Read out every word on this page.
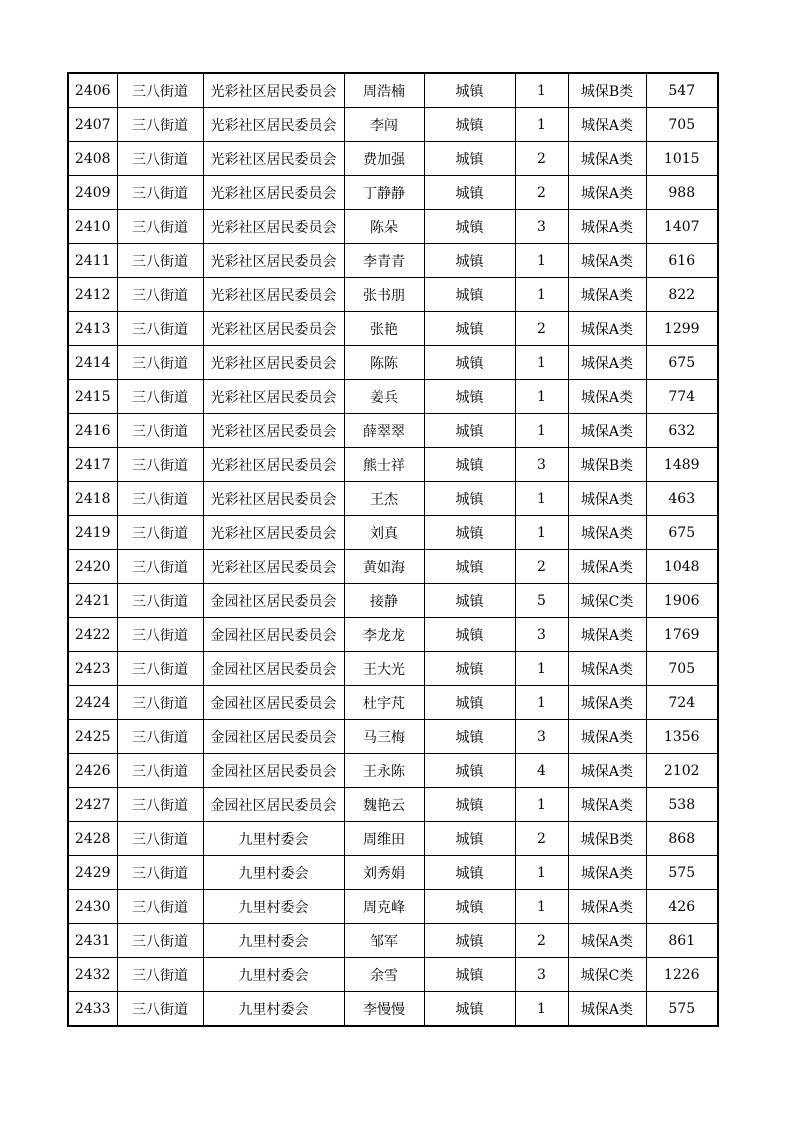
2406	三八街道	光彩社区居民委员会	周浩楠	城镇	1	城保B类	547
2407	三八街道	光彩社区居民委员会	李闯	城镇	1	城保A类	705
2408	三八街道	光彩社区居民委员会	费加强	城镇	2	城保A类	1015
2409	三八街道	光彩社区居民委员会	丁静静	城镇	2	城保A类	988
2410	三八街道	光彩社区居民委员会	陈朵	城镇	3	城保A类	1407
2411	三八街道	光彩社区居民委员会	李青青	城镇	1	城保A类	616
2412	三八街道	光彩社区居民委员会	张书朋	城镇	1	城保A类	822
2413	三八街道	光彩社区居民委员会	张艳	城镇	2	城保A类	1299
2414	三八街道	光彩社区居民委员会	陈陈	城镇	1	城保A类	675
2415	三八街道	光彩社区居民委员会	姜兵	城镇	1	城保A类	774
2416	三八街道	光彩社区居民委员会	薛翠翠	城镇	1	城保A类	632
2417	三八街道	光彩社区居民委员会	熊士祥	城镇	3	城保B类	1489
2418	三八街道	光彩社区居民委员会	王杰	城镇	1	城保A类	463
2419	三八街道	光彩社区居民委员会	刘真	城镇	1	城保A类	675
2420	三八街道	光彩社区居民委员会	黄如海	城镇	2	城保A类	1048
2421	三八街道	金园社区居民委员会	接静	城镇	5	城保C类	1906
2422	三八街道	金园社区居民委员会	李龙龙	城镇	3	城保A类	1769
2423	三八街道	金园社区居民委员会	王大光	城镇	1	城保A类	705
2424	三八街道	金园社区居民委员会	杜宇芃	城镇	1	城保A类	724
2425	三八街道	金园社区居民委员会	马三梅	城镇	3	城保A类	1356
2426	三八街道	金园社区居民委员会	王永陈	城镇	4	城保A类	2102
2427	三八街道	金园社区居民委员会	魏艳云	城镇	1	城保A类	538
2428	三八街道	九里村委会	周维田	城镇	2	城保B类	868
2429	三八街道	九里村委会	刘秀娟	城镇	1	城保A类	575
2430	三八街道	九里村委会	周克峰	城镇	1	城保A类	426
2431	三八街道	九里村委会	邹军	城镇	2	城保A类	861
2432	三八街道	九里村委会	余雪	城镇	3	城保C类	1226
2433	三八街道	九里村委会	李慢慢	城镇	1	城保A类	575
